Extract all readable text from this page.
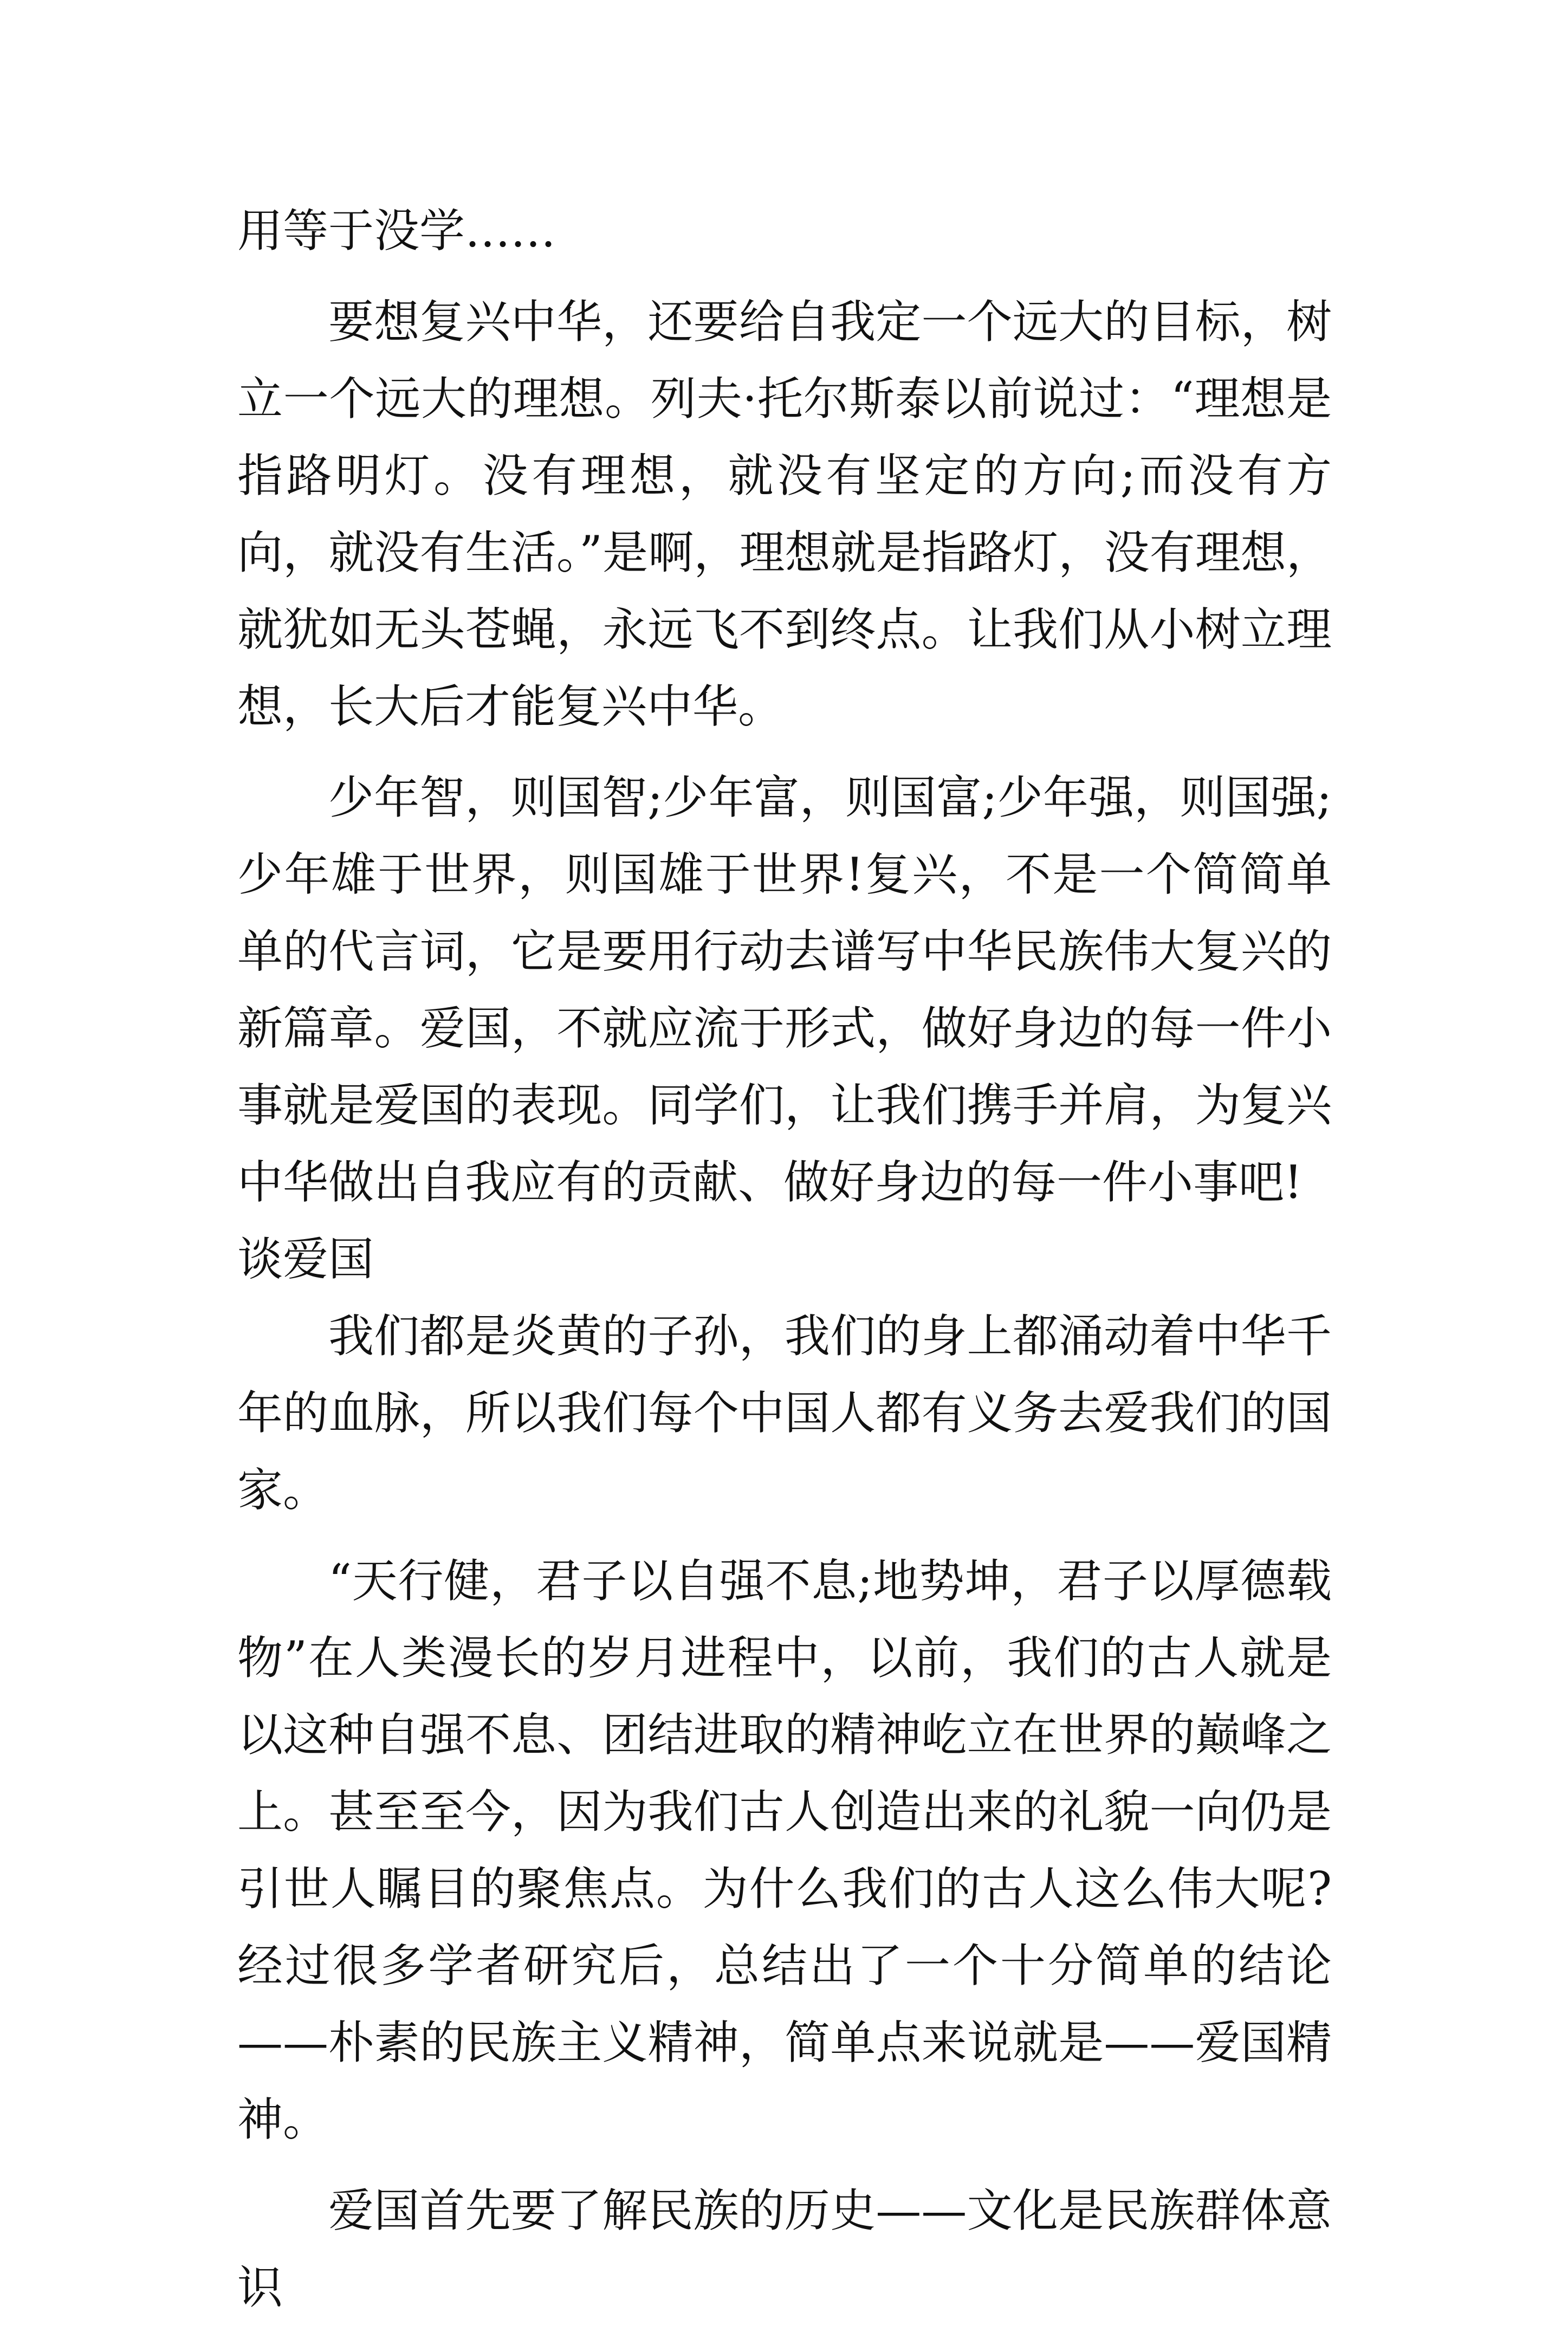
用等于没学……

要想复兴中华，还要给自我定一个远大的目标，树立一个远大的理想。列夫·托尔斯泰以前说过：“理想是指路明灯。没有理想，就没有坚定的方向;而没有方向，就没有生活。”是啊，理想就是指路灯，没有理想，就犹如无头苍蝇，永远飞不到终点。让我们从小树立理想，长大后才能复兴中华。

少年智，则国智;少年富，则国富;少年强，则国强;少年雄于世界，则国雄于世界!复兴，不是一个简简单单的代言词，它是要用行动去谱写中华民族伟大复兴的新篇章。爱国，不就应流于形式，做好身边的每一件小事就是爱国的表现。同学们，让我们携手并肩，为复兴中华做出自我应有的贡献、做好身边的每一件小事吧!

谈爱国

我们都是炎黄的子孙，我们的身上都涌动着中华千年的血脉，所以我们每个中国人都有义务去爱我们的国家。

“天行健，君子以自强不息;地势坤，君子以厚德载物”在人类漫长的岁月进程中，以前，我们的古人就是以这种自强不息、团结进取的精神屹立在世界的巅峰之上。甚至至今，因为我们古人创造出来的礼貌一向仍是引世人瞩目的聚焦点。为什么我们的古人这么伟大呢?经过很多学者研究后，总结出了一个十分简单的结论——朴素的民族主义精神，简单点来说就是——爱国精神。

爱国首先要了解民族的历史——文化是民族群体意识
